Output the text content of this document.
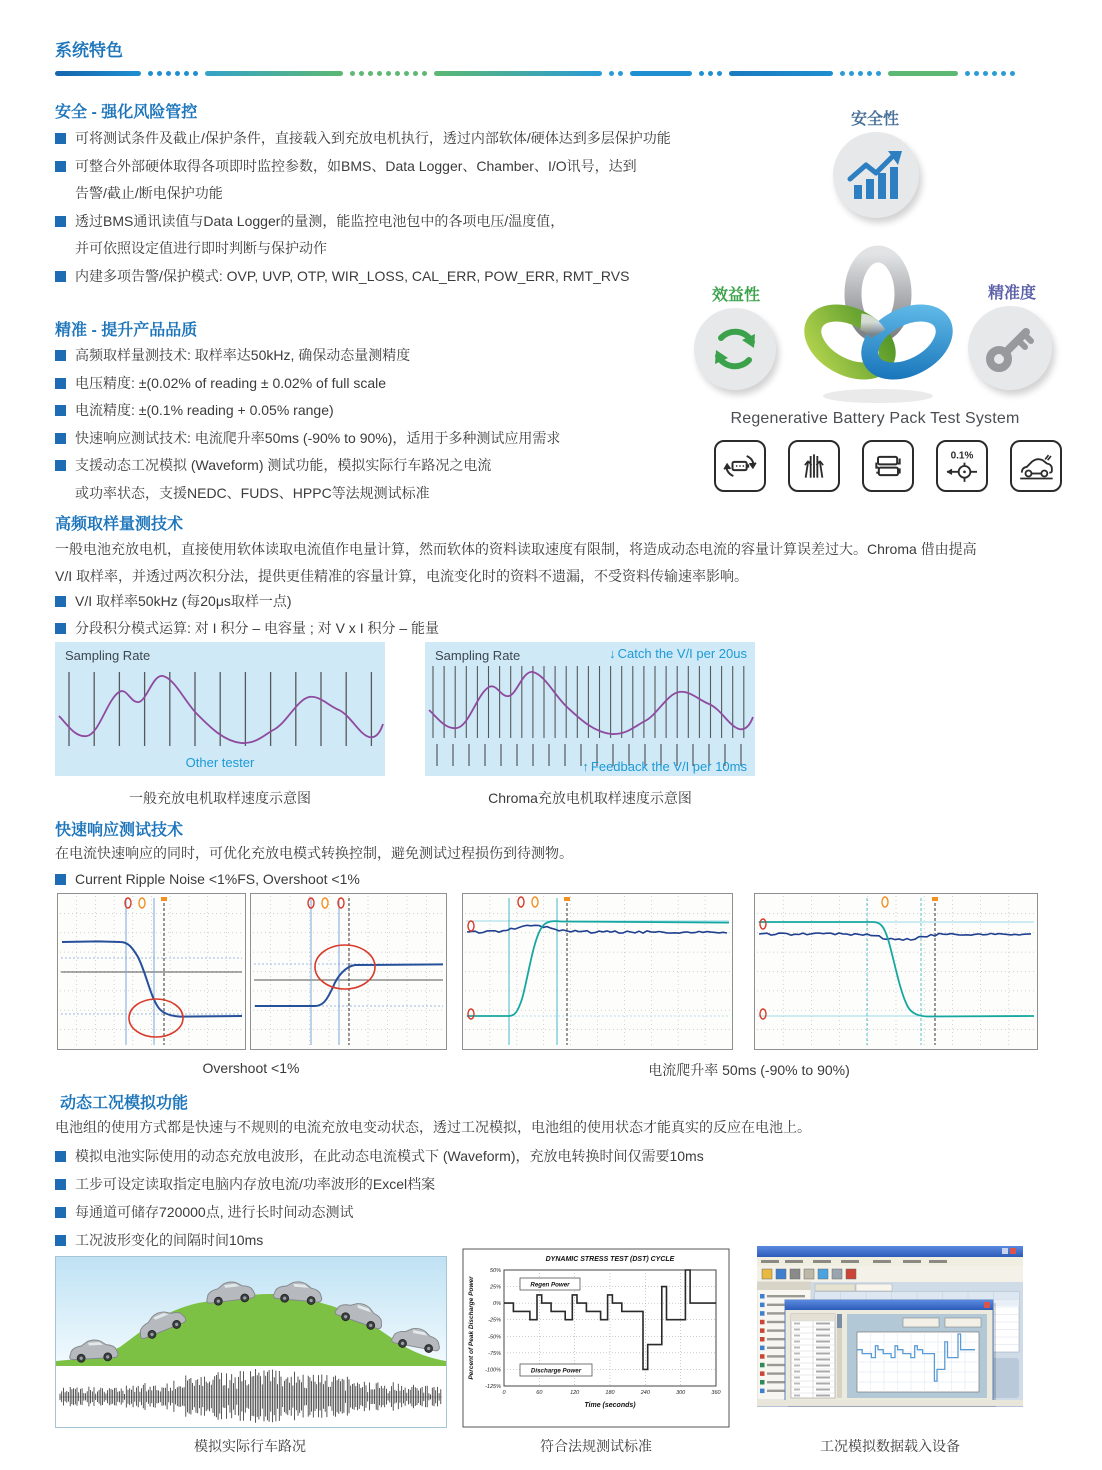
系统特色
安全 - 强化风险管控
可将测试条件及截止/保护条件，直接载入到充放电机执行，透过内部软体/硬体达到多层保护功能
可整合外部硬体取得各项即时监控参数，如BMS、Data Logger、Chamber、I/O讯号，达到
告警/截止/断电保护功能
透过BMS通讯读值与Data Logger的量测，能监控电池包中的各项电压/温度值，
并可依照设定值进行即时判断与保护动作
内建多项告警/保护模式: OVP, UVP, OTP, WIR_LOSS, CAL_ERR, POW_ERR, RMT_RVS
精准 - 提升产品品质
高频取样量测技术: 取样率达50kHz, 确保动态量测精度
电压精度: ±(0.02% of reading ± 0.02% of full scale
电流精度: ±(0.1% reading + 0.05% range)
快速响应测试技术: 电流爬升率50ms (-90% to 90%)，适用于多种测试应用需求
支援动态工况模拟 (Waveform) 测试功能，模拟实际行车路况之电流
或功率状态，支援NEDC、FUDS、HPPC等法规测试标准
安全性
效益性	精准度
Regenerative Battery Pack Test System
0.1%
高频取样量测技术

一般电池充放电机，直接使用软体读取电流值作电量计算，然而软体的资料读取速度有限制，将造成动态电流的容量计算误差过大。Chroma 借由提高

V/I 取样率，并透过两次积分法，提供更佳精准的容量计算，电流变化时的资料不遗漏，不受资料传输速率影响。

V/I 取样率50kHz (每20μs取样一点)
分段积分模式运算: 对 I 积分 – 电容量 ; 对 V x I 积分 – 能量
Sampling Rate
Other tester
Sampling Rate	↓ Catch the V/I per 20us
↑ Feedback the V/I per 10ms
一般充放电机取样速度示意图	Chroma充放电机取样速度示意图
快速响应测试技术

在电流快速响应的同时，可优化充放电模式转换控制，避免测试过程损伤到待测物。

Current Ripple Noise <1%FS, Overshoot <1%
Overshoot <1%	电流爬升率 50ms (-90% to 90%)
动态工况模拟功能

电池组的使用方式都是快速与不规则的电流充放电变动状态，透过工况模拟，电池组的使用状态才能真实的反应在电池上。

模拟电池实际使用的动态充放电波形，在此动态电流模式下 (Waveform)，充放电转换时间仅需要10ms
工步可设定读取指定电脑内存放电流/功率波形的Excel档案
每通道可储存720000点, 进行长时间动态测试
工况波形变化的间隔时间10ms
0	60	120	180	240	300	360
50%
25%
0%
-25%
-50%
-75%
-100%
-125%
DYNAMIC STRESS TEST (DST) CYCLE
Time (seconds)
Percent of Peak Discharge Power	Regen Power
Discharge Power
模拟实际行车路况	符合法规测试标准	工况模拟数据载入设备
